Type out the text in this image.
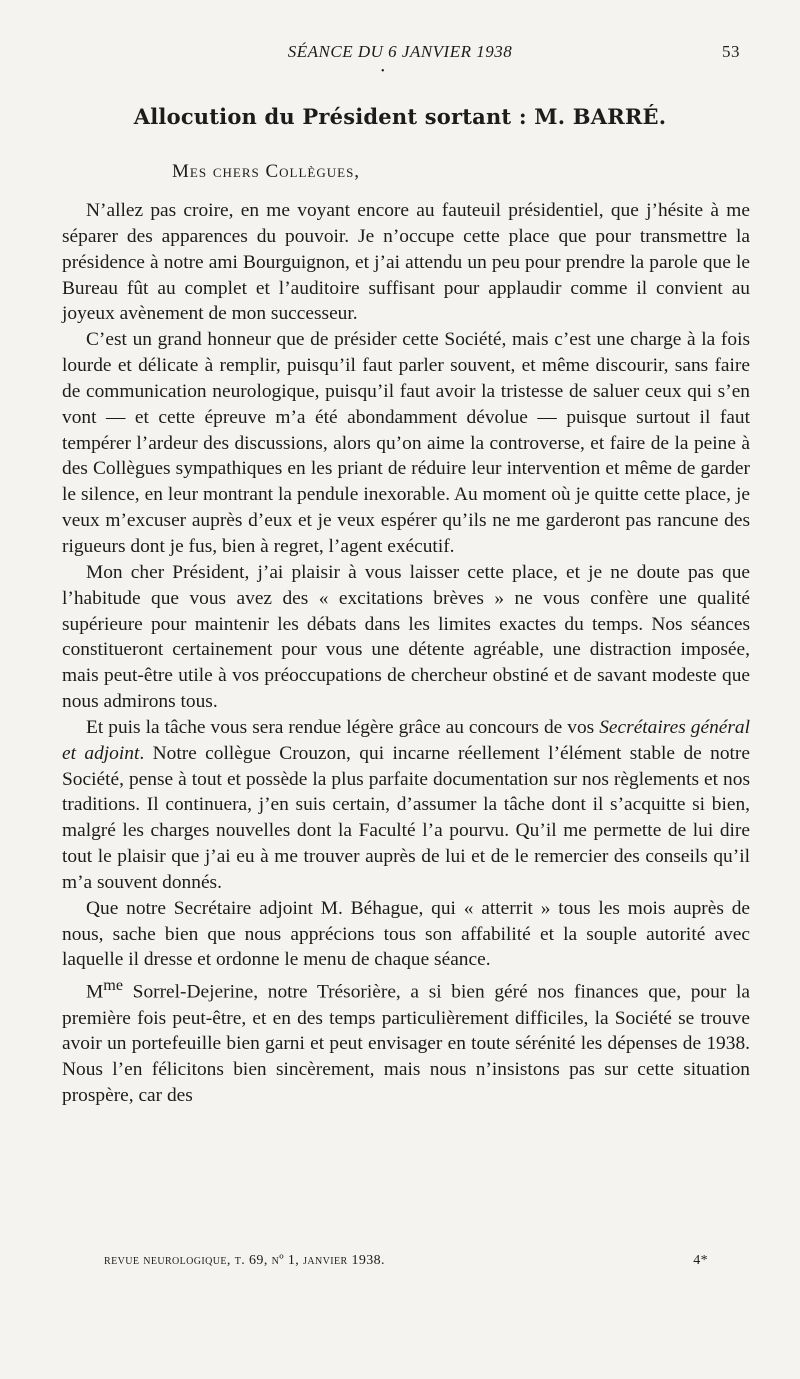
SÉANCE DU 6 JANVIER 1938	53
•
Allocution du Président sortant : M. BARRÉ.
Mes chers Collègues,

N’allez pas croire, en me voyant encore au fauteuil présidentiel, que j’hésite à me séparer des apparences du pouvoir. Je n’occupe cette place que pour transmettre la présidence à notre ami Bourguignon, et j’ai attendu un peu pour prendre la parole que le Bureau fût au complet et l’auditoire suffisant pour applaudir comme il convient au joyeux avènement de mon successeur.

C’est un grand honneur que de présider cette Société, mais c’est une charge à la fois lourde et délicate à remplir, puisqu’il faut parler souvent, et même discourir, sans faire de communication neurologique, puisqu’il faut avoir la tristesse de saluer ceux qui s’en vont — et cette épreuve m’a été abondamment dévolue — puisque surtout il faut tempérer l’ardeur des discussions, alors qu’on aime la controverse, et faire de la peine à des Collègues sympathiques en les priant de réduire leur intervention et même de garder le silence, en leur montrant la pendule inexorable. Au moment où je quitte cette place, je veux m’excuser auprès d’eux et je veux espérer qu’ils ne me garderont pas rancune des rigueurs dont je fus, bien à regret, l’agent exécutif.

Mon cher Président, j’ai plaisir à vous laisser cette place, et je ne doute pas que l’habitude que vous avez des « excitations brèves » ne vous confère une qualité supérieure pour maintenir les débats dans les limites exactes du temps. Nos séances constitueront certainement pour vous une détente agréable, une distraction imposée, mais peut-être utile à vos préoccupations de chercheur obstiné et de savant modeste que nous admirons tous.

Et puis la tâche vous sera rendue légère grâce au concours de vos Secrétaires général et adjoint. Notre collègue Crouzon, qui incarne réellement l’élément stable de notre Société, pense à tout et possède la plus parfaite documentation sur nos règlements et nos traditions. Il continuera, j’en suis certain, d’assumer la tâche dont il s’acquitte si bien, malgré les charges nouvelles dont la Faculté l’a pourvu. Qu’il me permette de lui dire tout le plaisir que j’ai eu à me trouver auprès de lui et de le remercier des conseils qu’il m’a souvent donnés.

Que notre Secrétaire adjoint M. Béhague, qui « atterrit » tous les mois auprès de nous, sache bien que nous apprécions tous son affabilité et la souple autorité avec laquelle il dresse et ordonne le menu de chaque séance.

$M^{me}$ Sorrel-Dejerine, notre Trésorière, a si bien géré nos finances que, pour la première fois peut-être, et en des temps particulièrement difficiles, la Société se trouve avoir un portefeuille bien garni et peut envisager en toute sérénité les dépenses de 1938. Nous l’en félicitons bien sincèrement, mais nous n’insistons pas sur cette situation prospère, car des

revue neurologique, t. 69, nº 1, janvier 1938.	4*
